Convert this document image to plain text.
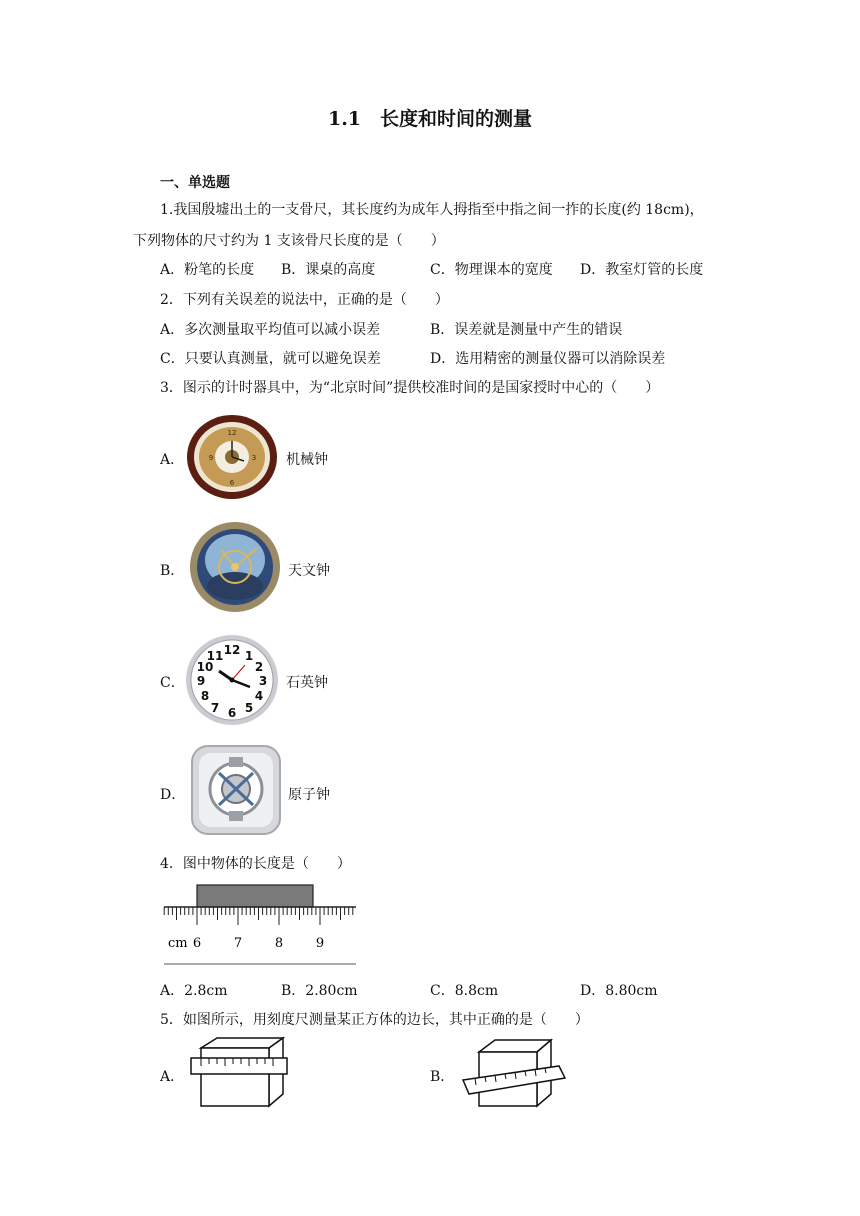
1.1　长度和时间的测量
一、单选题
1.我国殷墟出土的一支骨尺，其长度约为成年人拇指至中指之间一拃的长度(约 18cm)，
下列物体的尺寸约为 1 支该骨尺长度的是（　　）
A．粉笔的长度 B．课桌的高度	C．物理课本的宽度 D．教室灯管的长度
2．下列有关误差的说法中，正确的是（　　）
A．多次测量取平均值可以减小误差	B．误差就是测量中产生的错误
C．只要认真测量，就可以避免误差	D．选用精密的测量仪器可以消除误差
3．图示的计时器具中，为“北京时间”提供校准时间的是国家授时中心的（　　）
A．
12
3
6
9	机械钟
B．	天文钟
C．
12
3
6
9
1
2
4
5
7
8
10
11
石英钟
D．	原子钟
4．图中物体的长度是（　　）
cm 6	7	8	9
A．2.8cm	B．2.80cm	C．8.8cm	D．8.80cm
5．如图所示，用刻度尺测量某正方体的边长，其中正确的是（　　）
A．	B．
